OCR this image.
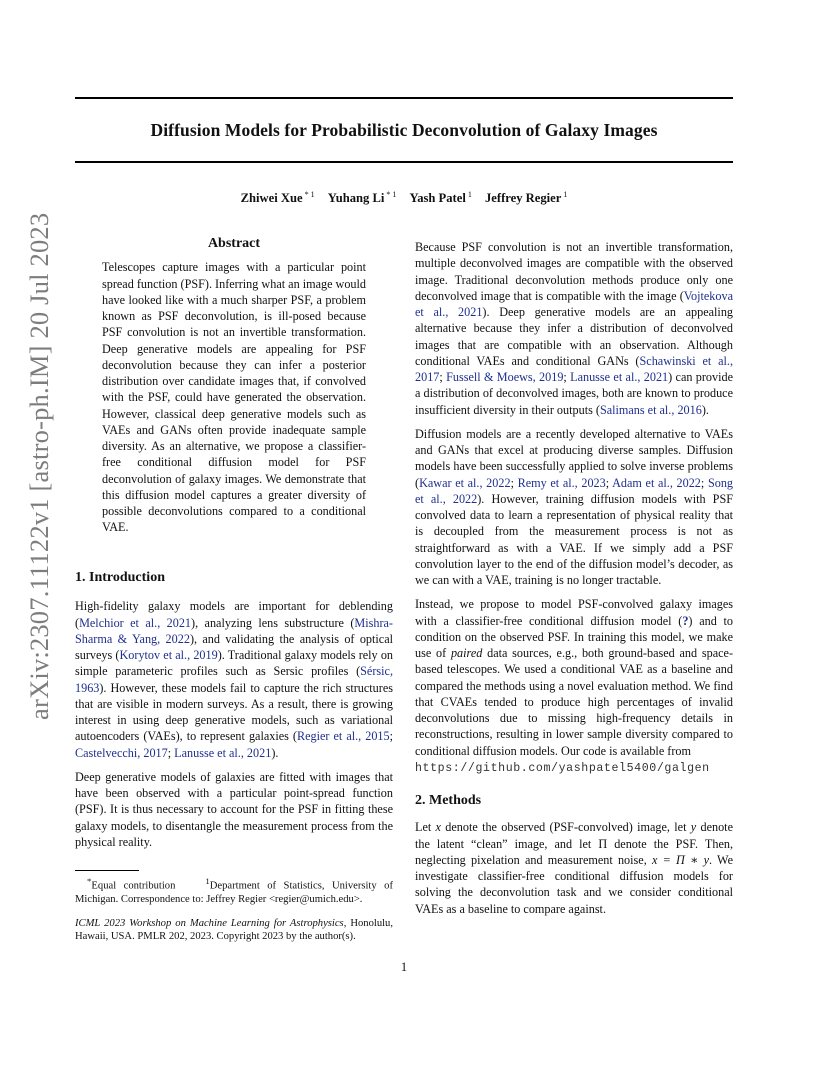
Diffusion Models for Probabilistic Deconvolution of Galaxy Images
Zhiwei Xue $^{* 1}$ Yuhang Li $^{* 1}$ Yash Patel $^1$ Jeffrey Regier $^1$
arXiv:2307.11122v1 [astro-ph.IM] 20 Jul 2023	Abstract

Telescopes capture images with a particular point spread function (PSF). Inferring what an image would have looked like with a much sharper PSF, a problem known as PSF deconvolution, is ill-posed because PSF convolution is not an invertible transformation. Deep generative models are appealing for PSF deconvolution because they can infer a posterior distribution over candidate images that, if convolved with the PSF, could have generated the observation. However, classical deep generative models such as VAEs and GANs often provide inadequate sample diversity. As an alternative, we propose a classifier-free conditional diffusion model for PSF deconvolution of galaxy images. We demonstrate that this diffusion model captures a greater diversity of possible deconvolutions compared to a conditional VAE.

1. Introduction

High-fidelity galaxy models are important for deblending (Melchior et al., 2021), analyzing lens substructure (Mishra-Sharma & Yang, 2022), and validating the analysis of optical surveys (Korytov et al., 2019). Traditional galaxy models rely on simple parameteric profiles such as Sersic profiles (Sérsic, 1963). However, these models fail to capture the rich structures that are visible in modern surveys. As a result, there is growing interest in using deep generative models, such as variational autoencoders (VAEs), to represent galaxies (Regier et al., 2015; Castelvecchi, 2017; Lanusse et al., 2021).

Deep generative models of galaxies are fitted with images that have been observed with a particular point-spread function (PSF). It is thus necessary to account for the PSF in fitting these galaxy models, to disentangle the measurement process from the physical reality.

*Equal contribution	$^1$Department of Statistics, University of Michigan. Correspondence to: Jeffrey Regier <regier@umich.edu>.

ICML 2023 Workshop on Machine Learning for Astrophysics, Honolulu, Hawaii, USA. PMLR 202, 2023. Copyright 2023 by the author(s).

Because PSF convolution is not an invertible transformation, multiple deconvolved images are compatible with the observed image. Traditional deconvolution methods produce only one deconvolved image that is compatible with the image (Vojtekova et al., 2021). Deep generative models are an appealing alternative because they infer a distribution of deconvolved images that are compatible with an observation. Although conditional VAEs and conditional GANs (Schawinski et al., 2017; Fussell & Moews, 2019; Lanusse et al., 2021) can provide a distribution of deconvolved images, both are known to produce insufficient diversity in their outputs (Salimans et al., 2016).

Diffusion models are a recently developed alternative to VAEs and GANs that excel at producing diverse samples. Diffusion models have been successfully applied to solve inverse problems (Kawar et al., 2022; Remy et al., 2023; Adam et al., 2022; Song et al., 2022). However, training diffusion models with PSF convolved data to learn a representation of physical reality that is decoupled from the measurement process is not as straightforward as with a VAE. If we simply add a PSF convolution layer to the end of the diffusion model’s decoder, as we can with a VAE, training is no longer tractable.

Instead, we propose to model PSF-convolved galaxy images with a classifier-free conditional diffusion model (?) and to condition on the observed PSF. In training this model, we make use of paired data sources, e.g., both ground-based and space-based telescopes. We used a conditional VAE as a baseline and compared the methods using a novel evaluation method. We find that CVAEs tended to produce high percentages of invalid deconvolutions due to missing high-frequency details in reconstructions, resulting in lower sample diversity compared to conditional diffusion models. Our code is available from
https://github.com/yashpatel5400/galgen

2. Methods

Let x denote the observed (PSF-convolved) image, let y denote the latent “clean” image, and let Π denote the PSF. Then, neglecting pixelation and measurement noise, x = Π ∗ y. We investigate classifier-free conditional diffusion models for solving the deconvolution task and we consider conditional VAEs as a baseline to compare against.

1
